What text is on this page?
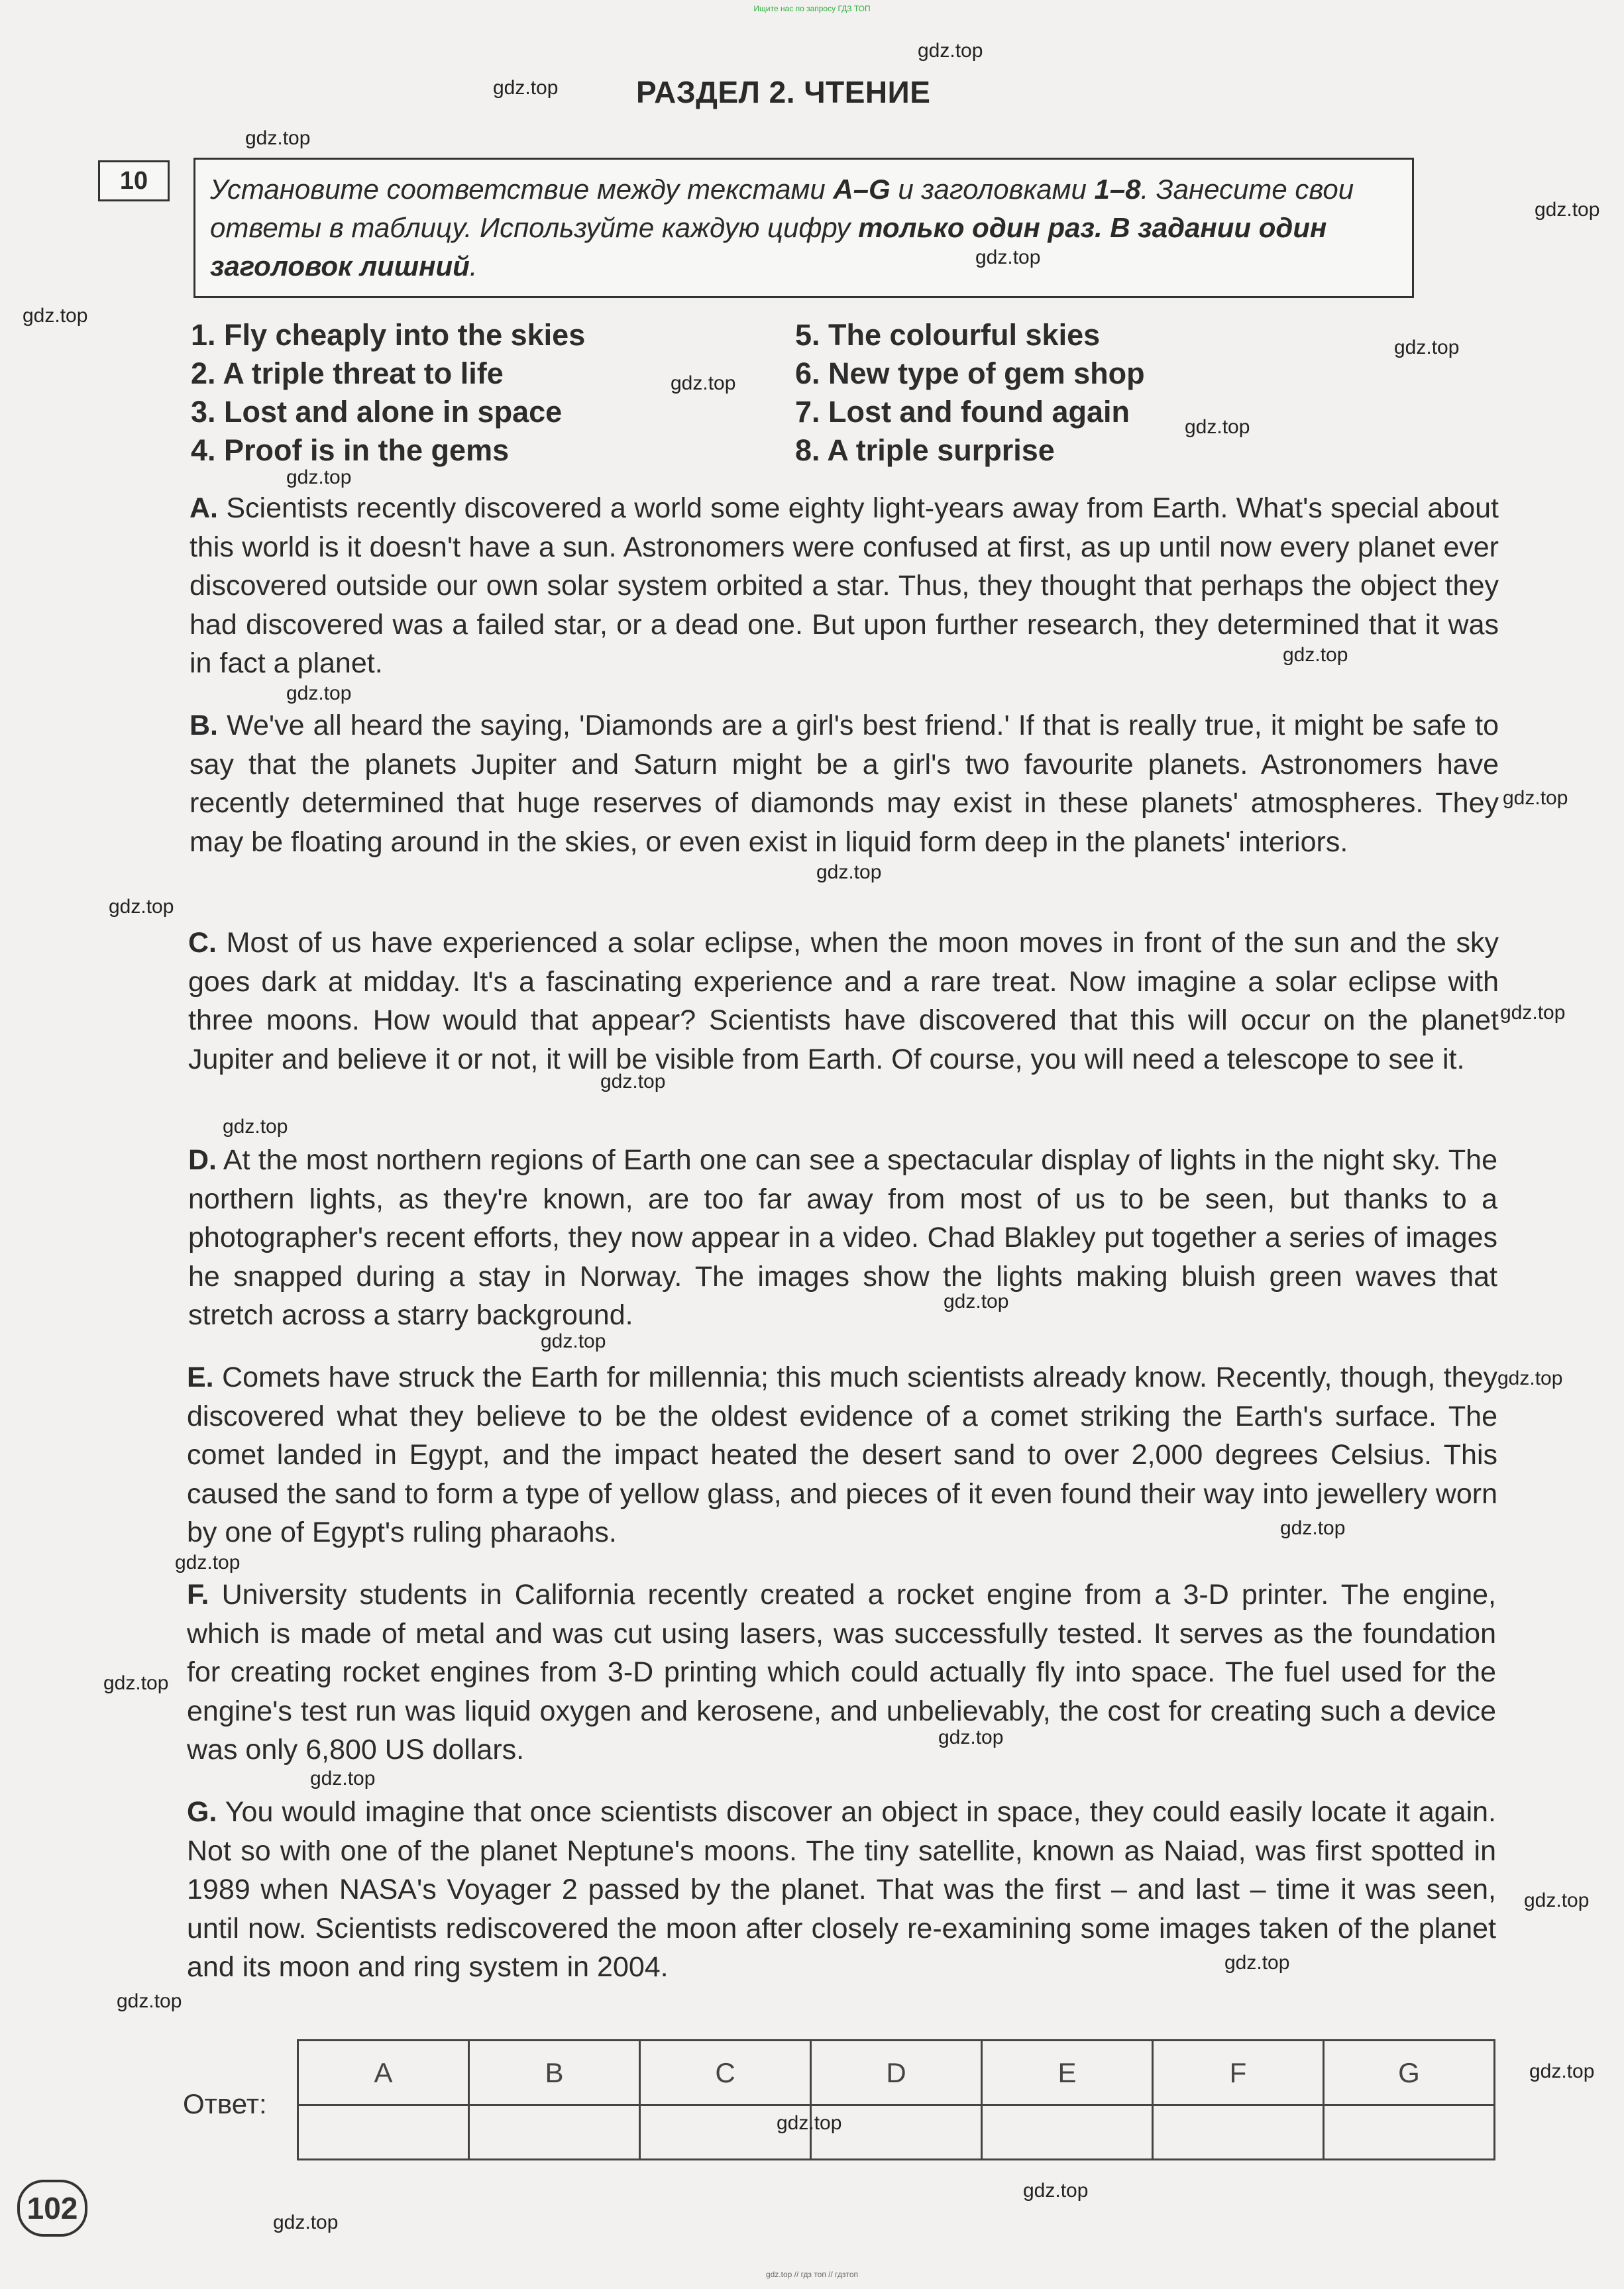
Ищите нас по запросу ГДЗ ТОП
РАЗДЕЛ 2. ЧТЕНИЕ
10	Установите соответствие между текстами A–G и заголовками 1–8. Занесите свои ответы в таблицу. Используйте каждую цифру только один раз. В задании один заголовок лишний.
1. Fly cheaply into the skies
2. A triple threat to life
3. Lost and alone in space
4. Proof is in the gems
5. The colourful skies
6. New type of gem shop
7. Lost and found again
8. A triple surprise
A. Scientists recently discovered a world some eighty light-years away from Earth. What's special about this world is it doesn't have a sun. Astronomers were confused at first, as up until now every planet ever discovered outside our own solar system orbited a star. Thus, they thought that perhaps the object they had discovered was a failed star, or a dead one. But upon further research, they determined that it was in fact a planet.
B. We've all heard the saying, 'Diamonds are a girl's best friend.' If that is really true, it might be safe to say that the planets Jupiter and Saturn might be a girl's two favourite planets. Astronomers have recently determined that huge reserves of diamonds may exist in these planets' atmospheres. They may be floating around in the skies, or even exist in liquid form deep in the planets' interiors.
C. Most of us have experienced a solar eclipse, when the moon moves in front of the sun and the sky goes dark at midday. It's a fascinating experience and a rare treat. Now imagine a solar eclipse with three moons. How would that appear? Scientists have discovered that this will occur on the planet Jupiter and believe it or not, it will be visible from Earth. Of course, you will need a telescope to see it.
D. At the most northern regions of Earth one can see a spectacular display of lights in the night sky. The northern lights, as they're known, are too far away from most of us to be seen, but thanks to a photographer's recent efforts, they now appear in a video. Chad Blakley put together a series of images he snapped during a stay in Norway. The images show the lights making bluish green waves that stretch across a starry background.
E. Comets have struck the Earth for millennia; this much scientists already know. Recently, though, they discovered what they believe to be the oldest evidence of a comet striking the Earth's surface. The comet landed in Egypt, and the impact heated the desert sand to over 2,000 degrees Celsius. This caused the sand to form a type of yellow glass, and pieces of it even found their way into jewellery worn by one of Egypt's ruling pharaohs.
F. University students in California recently created a rocket engine from a 3-D printer. The engine, which is made of metal and was cut using lasers, was successfully tested. It serves as the foundation for creating rocket engines from 3-D printing which could actually fly into space. The fuel used for the engine's test run was liquid oxygen and kerosene, and unbelievably, the cost for creating such a device was only 6,800 US dollars.
G. You would imagine that once scientists discover an object in space, they could easily locate it again. Not so with one of the planet Neptune's moons. The tiny satellite, known as Naiad, was first spotted in 1989 when NASA's Voyager 2 passed by the planet. That was the first – and last – time it was seen, until now. Scientists rediscovered the moon after closely re-examining some images taken of the planet and its moon and ring system in 2004.
Ответ:
A	B	C	D	E	F	G

102
gdz.top
gdz.top
gdz.top
gdz.top
gdz.top
gdz.top
gdz.top
gdz.top
gdz.top
gdz.top
gdz.top
gdz.top
gdz.top
gdz.top
gdz.top
gdz.top
gdz.top
gdz.top
gdz.top
gdz.top
gdz.top
gdz.top
gdz.top
gdz.top
gdz.top
gdz.top
gdz.top
gdz.top
gdz.top
gdz.top
gdz.top
gdz.top
gdz.top
gdz.top // гдз топ // гдзтоп
